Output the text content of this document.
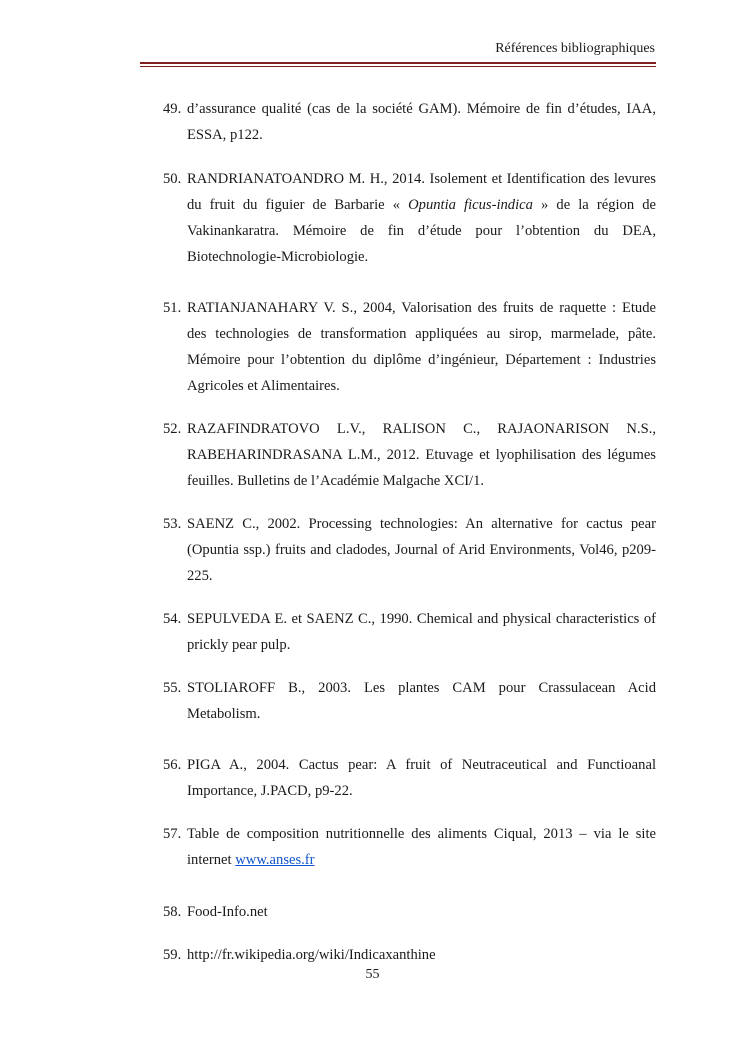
Références bibliographiques

49. d’assurance qualité (cas de la société GAM). Mémoire de fin d’études, IAA, ESSA, p122.

50. RANDRIANATOANDRO M. H., 2014. Isolement et Identification des levures du fruit du figuier de Barbarie « Opuntia ficus-indica » de la région de Vakinankaratra. Mémoire de fin d’étude pour l’obtention du DEA, Biotechnologie-Microbiologie.

51. RATIANJANAHARY V. S., 2004, Valorisation des fruits de raquette : Etude des technologies de transformation appliquées au sirop, marmelade, pâte. Mémoire pour l’obtention du diplôme d’ingénieur, Département : Industries Agricoles et Alimentaires.

52. RAZAFINDRATOVO L.V., RALISON C., RAJAONARISON N.S., RABEHARINDRASANA L.M., 2012. Etuvage et lyophilisation des légumes feuilles. Bulletins de l’Académie Malgache XCI/1.

53. SAENZ C., 2002. Processing technologies: An alternative for cactus pear (Opuntia ssp.) fruits and cladodes, Journal of Arid Environments, Vol46, p209-225.

54. SEPULVEDA E. et SAENZ C., 1990. Chemical and physical characteristics of prickly pear pulp.

55. STOLIAROFF B., 2003. Les plantes CAM pour Crassulacean Acid Metabolism.

56. PIGA A., 2004. Cactus pear: A fruit of Neutraceutical and Functioanal Importance, J.PACD, p9-22.

57. Table de composition nutritionnelle des aliments Ciqual, 2013 – via le site internet www.anses.fr

58. Food-Info.net

59. http://fr.wikipedia.org/wiki/Indicaxanthine

55
